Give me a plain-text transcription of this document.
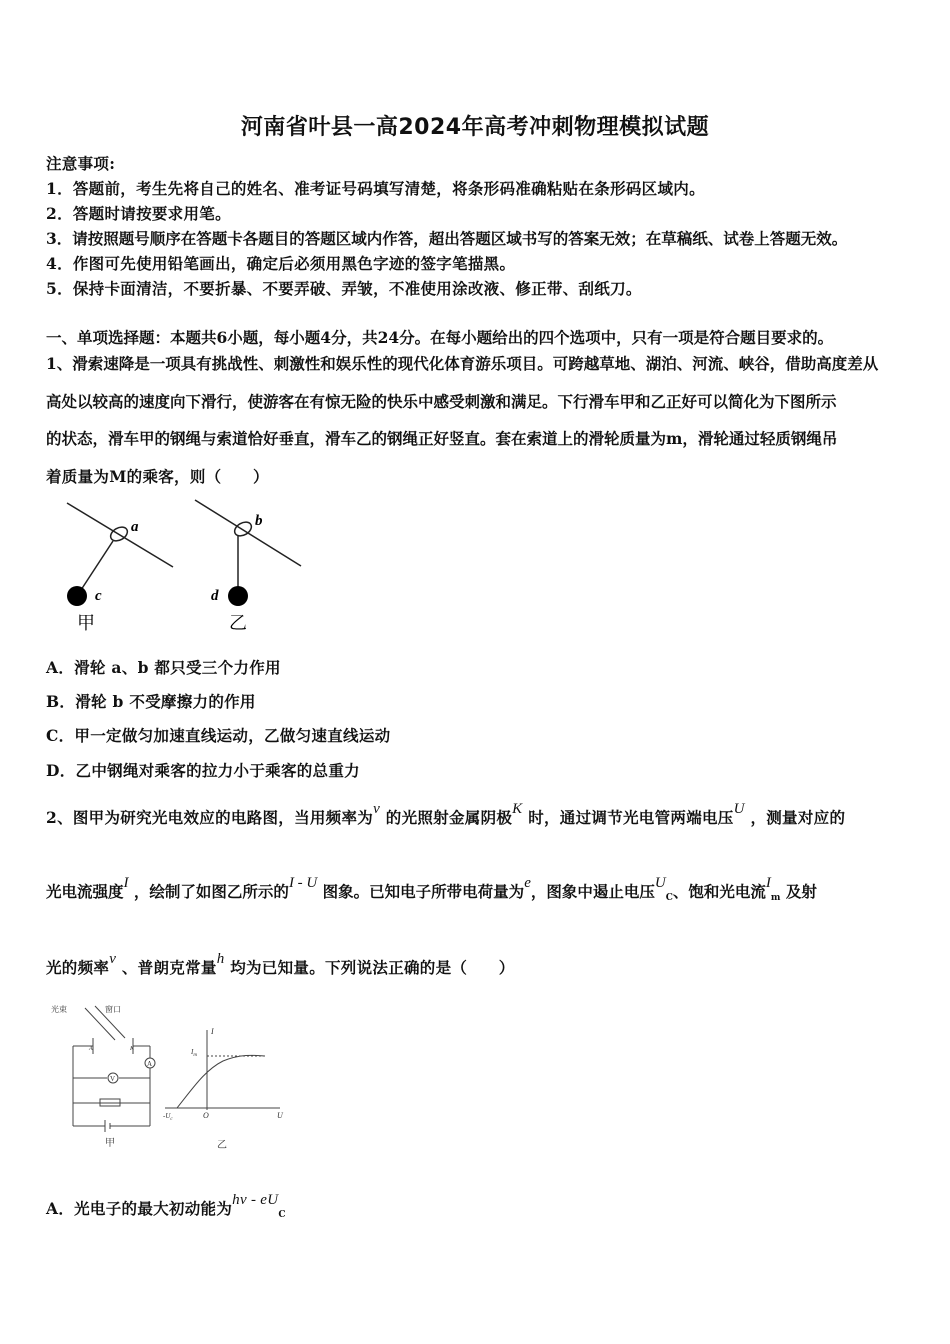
河南省叶县一高2024年高考冲刺物理模拟试题
注意事项:
1．答题前，考生先将自己的姓名、准考证号码填写清楚，将条形码准确粘贴在条形码区域内。
2．答题时请按要求用笔。
3．请按照题号顺序在答题卡各题目的答题区域内作答，超出答题区域书写的答案无效；在草稿纸、试卷上答题无效。
4．作图可先使用铅笔画出，确定后必须用黑色字迹的签字笔描黑。
5．保持卡面清洁，不要折暴、不要弄破、弄皱，不准使用涂改液、修正带、刮纸刀。
一、单项选择题：本题共6小题，每小题4分，共24分。在每小题给出的四个选项中，只有一项是符合题目要求的。
1、滑索速降是一项具有挑战性、刺激性和娱乐性的现代化体育游乐项目。可跨越草地、湖泊、河流、峡谷，借助高度差从
高处以较高的速度向下滑行，使游客在有惊无险的快乐中感受刺激和满足。下行滑车甲和乙正好可以简化为下图所示
的状态，滑车甲的钢绳与索道恰好垂直，滑车乙的钢绳正好竖直。套在索道上的滑轮质量为m，滑轮通过轻质钢绳吊
着质量为M的乘客，则（　　）
a
c
甲
b
d
乙
A．滑轮 a、b 都只受三个力作用
B．滑轮 b 不受摩擦力的作用
C．甲一定做匀加速直线运动，乙做匀速直线运动
D．乙中钢绳对乘客的拉力小于乘客的总重力
2、图甲为研究光电效应的电路图，当用频率为ν 的光照射金属阴极K 时，通过调节光电管两端电压U ，测量对应的
光电流强度I ，绘制了如图乙所示的I - U 图象。已知电子所带电荷量为e，图象中遏止电压UC、饱和光电流Im 及射
光的频率ν 、普朗克常量h 均为已知量。下列说法正确的是（　　）
光束	窗口
A	K
V
A
甲
I
U
$I_m$
O
$-U_c$
乙
A．光电子的最大初动能为hν - eUC
